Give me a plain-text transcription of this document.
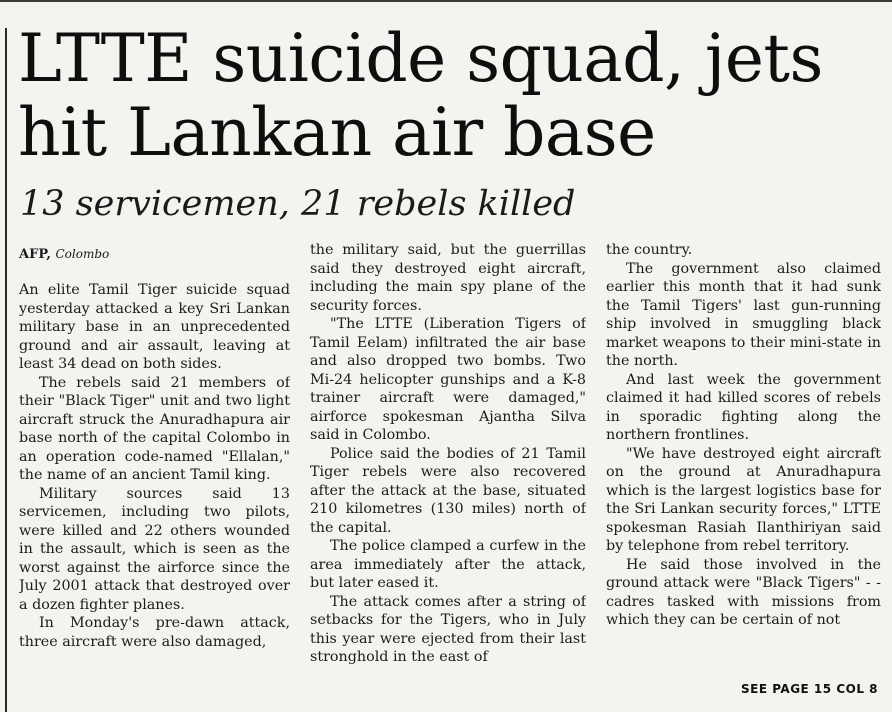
LTTE suicide squad, jets
hit Lankan air base
13 servicemen, 21 rebels killed
AFP, Colombo

An elite Tamil Tiger suicide squad yesterday attacked a key Sri Lankan military base in an unprecedented ground and air assault, leaving at least 34 dead on both sides.

The rebels said 21 members of their "Black Tiger" unit and two light aircraft struck the Anuradhapura air base north of the capital Colombo in an operation code-named "Ellalan," the name of an ancient Tamil king.

Military sources said 13 servicemen, including two pilots, were killed and 22 others wounded in the assault, which is seen as the worst against the airforce since the July 2001 attack that destroyed over a dozen fighter planes.

In Monday's pre-dawn attack, three aircraft were also damaged,

the military said, but the guerrillas said they destroyed eight aircraft, including the main spy plane of the security forces.

"The LTTE (Liberation Tigers of Tamil Eelam) infiltrated the air base and also dropped two bombs. Two Mi-24 helicopter gunships and a K-8 trainer aircraft were damaged," airforce spokesman Ajantha Silva said in Colombo.

Police said the bodies of 21 Tamil Tiger rebels were also recovered after the attack at the base, situated 210 kilometres (130 miles) north of the capital.

The police clamped a curfew in the area immediately after the attack, but later eased it.

The attack comes after a string of setbacks for the Tigers, who in July this year were ejected from their last stronghold in the east of

the country.

The government also claimed earlier this month that it had sunk the Tamil Tigers' last gun-running ship involved in smuggling black market weapons to their mini-state in the north.

And last week the government claimed it had killed scores of rebels in sporadic fighting along the northern frontlines.

"We have destroyed eight aircraft on the ground at Anuradhapura which is the largest logistics base for the Sri Lankan security forces," LTTE spokesman Rasiah Ilanthiriyan said by telephone from rebel territory.

He said those involved in the ground attack were "Black Tigers" - - cadres tasked with missions from which they can be certain of not

SEE PAGE 15 COL 8
